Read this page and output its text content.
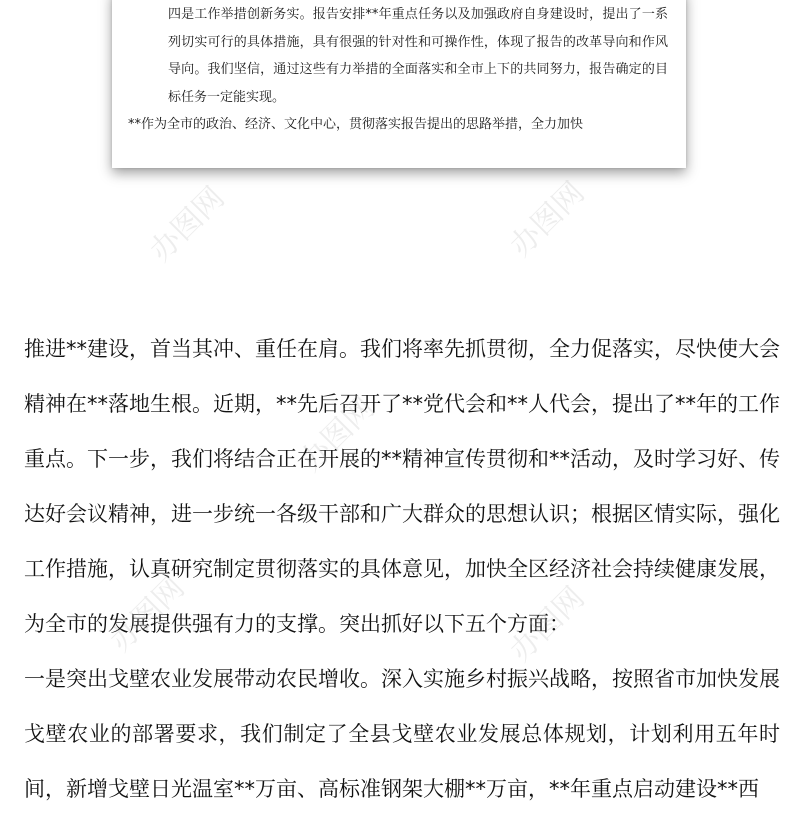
四是工作举措创新务实。报告安排**年重点任务以及加强政府自身建设时，提出了一系列切实可行的具体措施，具有很强的针对性和可操作性，体现了报告的改革导向和作风导向。我们坚信，通过这些有力举措的全面落实和全市上下的共同努力，报告确定的目标任务一定能实现。

**作为全市的政治、经济、文化中心，贯彻落实报告提出的思路举措，全力加快

推进**建设，首当其冲、重任在肩。我们将率先抓贯彻，全力促落实，尽快使大会精神在**落地生根。近期，**先后召开了**党代会和**人代会，提出了**年的工作重点。下一步，我们将结合正在开展的**精神宣传贯彻和**活动，及时学习好、传达好会议精神，进一步统一各级干部和广大群众的思想认识；根据区情实际，强化工作措施，认真研究制定贯彻落实的具体意见，加快全区经济社会持续健康发展，为全市的发展提供强有力的支撑。突出抓好以下五个方面：

一是突出戈壁农业发展带动农民增收。深入实施乡村振兴战略，按照省市加快发展戈壁农业的部署要求，我们制定了全县戈壁农业发展总体规划，计划利用五年时间，新增戈壁日光温室**万亩、高标准钢架大棚**万亩，**年重点启动建设**西

办图网	办图网
办图网
办图网	办图网
